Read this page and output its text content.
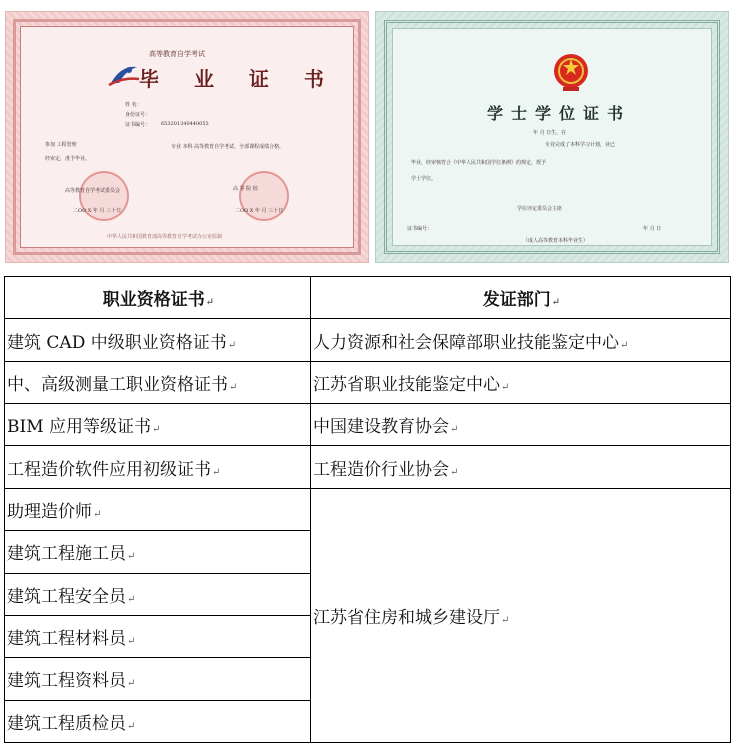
高等教育自学考试
毕 业 证 书
姓 名：
身份证号：
证书编号： 653201340440053
参加 工程管理	专业 本科 高等教育自学考试，全部课程成绩合格，
经审定，准予毕业。
高等教育自学考试委员会	高 等 院 校
二OO X 年 月 三十日	二OO X 年 月 三十日
中华人民共和国教育部高等教育自学考试办公室监制
学士学位证书
年 月 日生，在
专业完成了本科学习计划，业已
毕业，经审核符合《中华人民共和国学位条例》的规定，授予
学士学位。
学位评定委员会主席
证书编号：	年 月 日
（成人高等教育本科毕业生）
职业资格证书↵	发证部门↵
建筑 CAD 中级职业资格证书↵	人力资源和社会保障部职业技能鉴定中心↵
中、高级测量工职业资格证书↵	江苏省职业技能鉴定中心↵
BIM 应用等级证书↵	中国建设教育协会↵
工程造价软件应用初级证书↵	工程造价行业协会↵
助理造价师↵	江苏省住房和城乡建设厅↵
建筑工程施工员↵	
建筑工程安全员↵	
建筑工程材料员↵	
建筑工程资料员↵	
建筑工程质检员↵	
